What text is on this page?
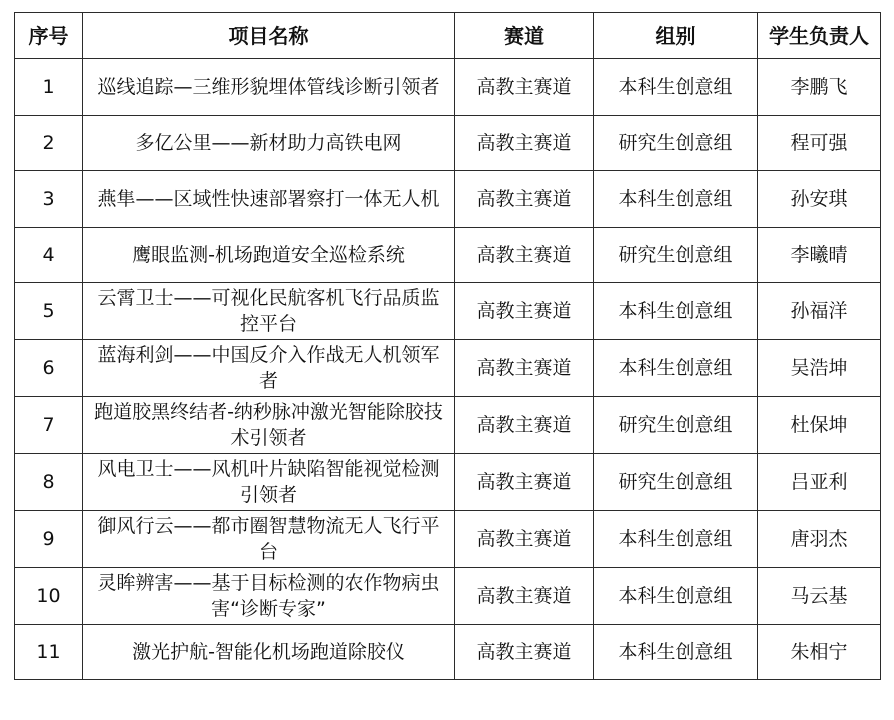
序号	项目名称	赛道	组别	学生负责人
1	巡线追踪—三维形貌埋体管线诊断引领者	高教主赛道	本科生创意组	李鹏飞
2	多亿公里——新材助力高铁电网	高教主赛道	研究生创意组	程可强
3	燕隼——区域性快速部署察打一体无人机	高教主赛道	本科生创意组	孙安琪
4	鹰眼监测-机场跑道安全巡检系统	高教主赛道	研究生创意组	李曦晴
5	云霄卫士——可视化民航客机飞行品质监控平台	高教主赛道	本科生创意组	孙福洋
6	蓝海利剑——中国反介入作战无人机领军者	高教主赛道	本科生创意组	吴浩坤
7	跑道胶黑终结者-纳秒脉冲激光智能除胶技术引领者	高教主赛道	研究生创意组	杜保坤
8	风电卫士——风机叶片缺陷智能视觉检测引领者	高教主赛道	研究生创意组	吕亚利
9	御风行云——都市圈智慧物流无人飞行平台	高教主赛道	本科生创意组	唐羽杰
10	灵眸辨害——基于目标检测的农作物病虫害“诊断专家”	高教主赛道	本科生创意组	马云基
11	激光护航-智能化机场跑道除胶仪	高教主赛道	本科生创意组	朱相宁
